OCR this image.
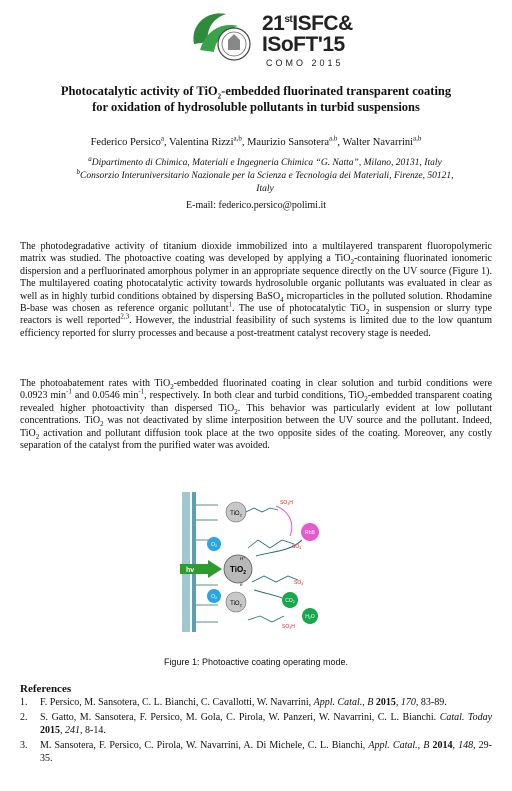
21stISFC&
ISoFT'15
COMO 2015
Photocatalytic activity of TiO$_2$-embedded fluorinated transparent coating
for oxidation of hydrosoluble pollutants in turbid suspensions
Federico Persico$^a$, Valentina Rizzi$^{a,b}$, Maurizio Sansotera$^{a,b}$, Walter Navarrini$^{a,b}$
$^a$Dipartimento di Chimica, Materiali e Ingegneria Chimica “G. Natta”, Milano, 20131, Italy
$^b$Consorzio Interuniversitario Nazionale per la Scienza e Tecnologia dei Materiali, Firenze, 50121, Italy
E-mail: federico.persico@polimi.it
The photodegradative activity of titanium dioxide immobilized into a multilayered transparent fluoropolymeric matrix was studied. The photoactive coating was developed by applying a TiO$_2$-containing fluorinated ionomeric dispersion and a perfluorinated amorphous polymer in an appropriate sequence directly on the UV source (Figure 1). The multilayered coating photocatalytic activity towards hydrosoluble organic pollutants was evaluated in clear as well as in highly turbid conditions obtained by dispersing BaSO$_4$ microparticles in the polluted solution. Rhodamine B-base was chosen as reference organic pollutant$^1$. The use of photocatalytic TiO$_2$ in suspension or slurry type reactors is well reported$^{2,3}$. However, the industrial feasibility of such systems is limited due to the low quantum efficiency reported for slurry processes and because a post-treatment catalyst recovery stage is needed.
The photoabatement rates with TiO$_2$-embedded fluorinated coating in clear solution and turbid conditions were 0.0923 $\min^{-1}$ and 0.0546 $\min^{-1}$, respectively. In both clear and turbid conditions, TiO$_2$-embedded transparent coating revealed higher photoactivity than dispersed TiO$_2$. This behavior was particularly evident at low pollutant concentrations. TiO$_2$ was not deactivated by slime interposition between the UV source and the pollutant. Indeed, TiO$_2$ activation and pollutant diffusion took place at the two opposite sides of the coating. Moreover, any costly separation of the catalyst from the purified water was avoided.
TiO$_2$
TiO$_2$
TiO$_2$
hv
$O_2$
$O_2$
RhB
$CO_2$
$H_2O$
$SO_3H$
$SO_3^-$
$SO_3^-$
$SO_3H$
H+
e-
Figure 1: Photoactive coating operating mode.
References
1.	F. Persico, M. Sansotera, C. L. Bianchi, C. Cavallotti, W. Navarrini, Appl. Catal., B 2015, 170, 83-89.
2.	S. Gatto, M. Sansotera, F. Persico, M. Gola, C. Pirola, W. Panzeri, W. Navarrini, C. L. Bianchi. Catal. Today 2015, 241, 8-14.
3.	M. Sansotera, F. Persico, C. Pirola, W. Navarrini, A. Di Michele, C. L. Bianchi, Appl. Catal., B 2014, 148, 29-35.
